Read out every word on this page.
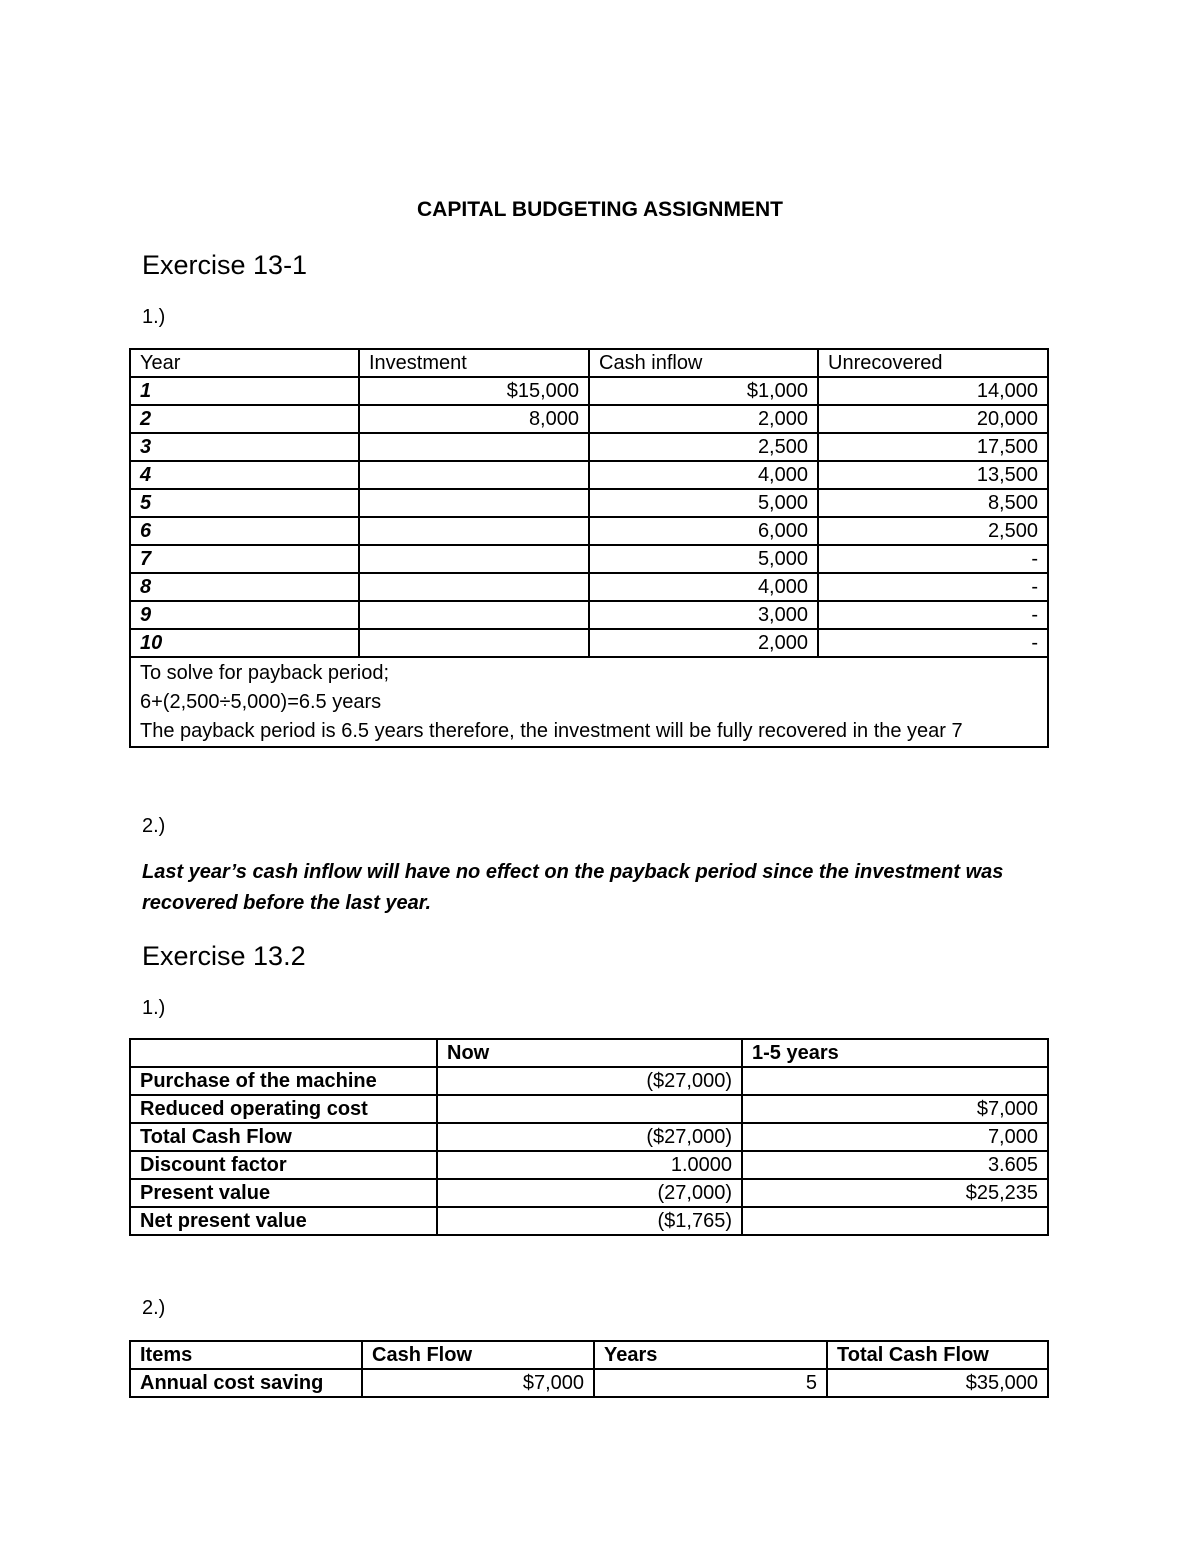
CAPITAL BUDGETING ASSIGNMENT
Exercise 13-1
1.)
Year	Investment	Cash inflow	Unrecovered
1	$15,000	$1,000	14,000
2	8,000	2,000	20,000
3		2,500	17,500
4		4,000	13,500
5		5,000	8,500
6		6,000	2,500
7		5,000	-
8		4,000	-
9		3,000	-
10		2,000	-

To solve for payback period;
6+(2,500÷5,000)=6.5 years
The payback period is 6.5 years therefore, the investment will be fully recovered in the year 7			
2.)
Last year’s cash inflow will have no effect on the payback period since the investment was recovered before the last year.
Exercise 13.2
1.)
	Now	1-5 years
Purchase of the machine	($27,000)	
Reduced operating cost		$7,000
Total Cash Flow	($27,000)	7,000
Discount factor	1.0000	3.605
Present value	(27,000)	$25,235
Net present value	($1,765)	
2.)
Items	Cash Flow	Years	Total Cash Flow
Annual cost saving	$7,000	5	$35,000
